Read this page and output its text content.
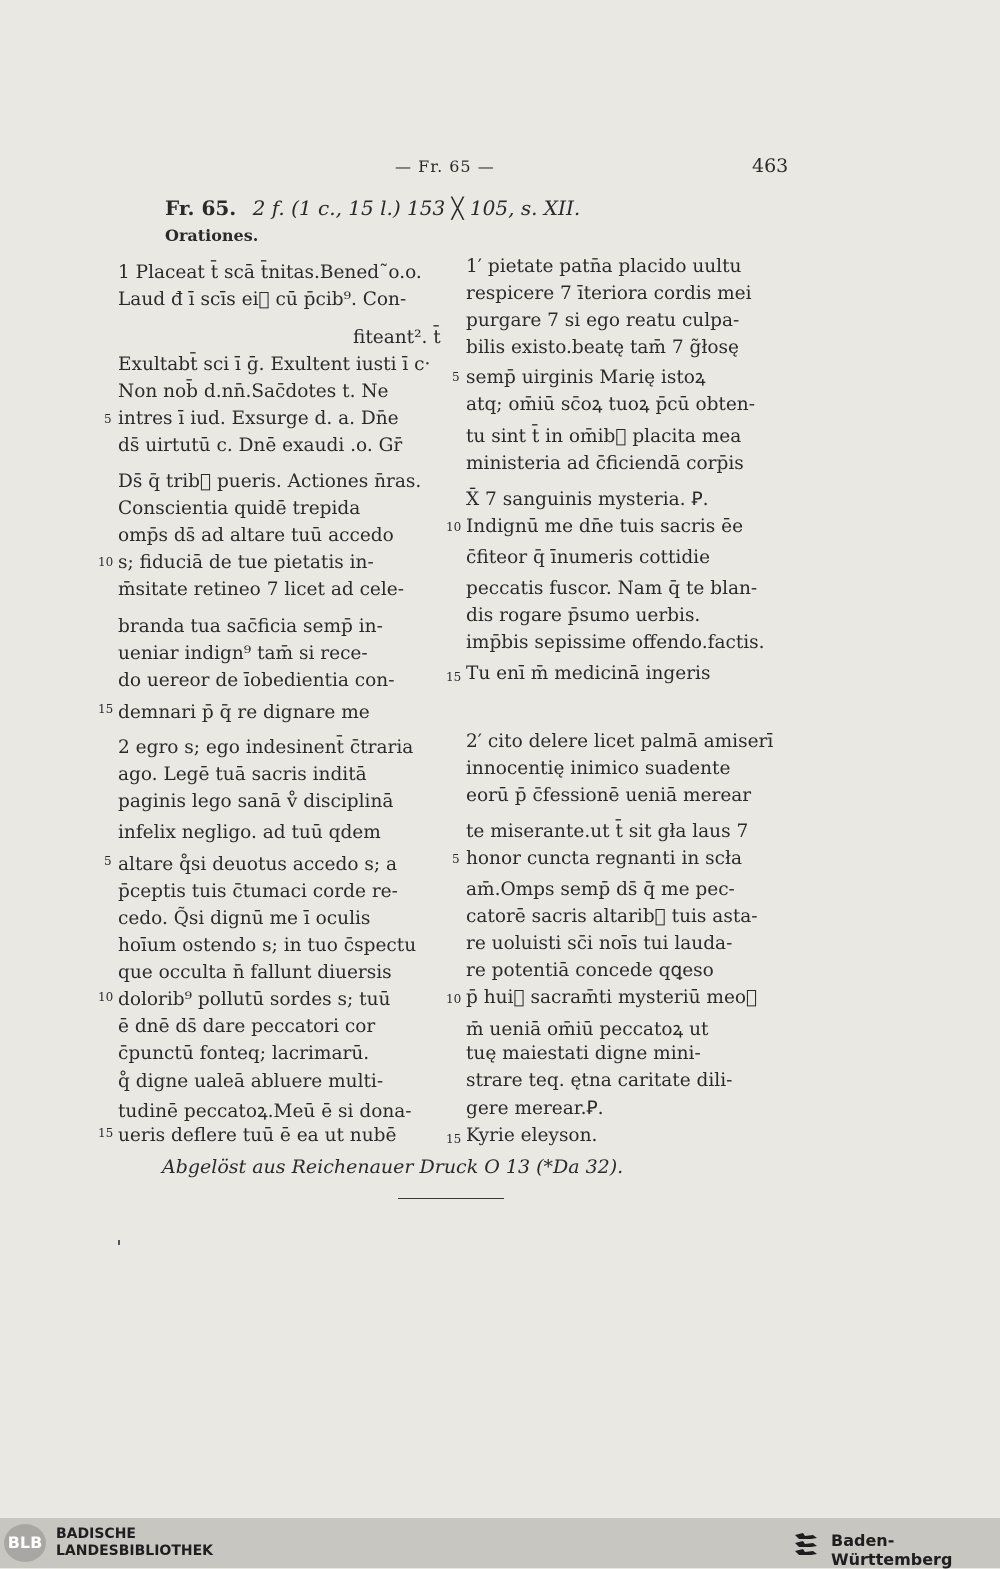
— Fr. 65 —	463
Fr. 65. 2 f. (1 c., 15 l.) 153 ╳ 105, s. XII.
Orationes.
1 Placeat t̄ scā t̄nitas.Bened˜o.o.
Laud đ ī scīs ei᷑ cū p̄cib⁹. Con-
fiteant². t̄
Exultabt̄ sci ī ḡ. Exultent iusti ī c·
Non nob̄ d.nn̄.Sac̄dotes t. Ne
intres ī iud. Exsurge d. a. Dn̄e
ds̄ uirtutū c. Dnē exaudi .o. Gr̄
Ds̄ q̄ trib᷑ pueris. Actiones n̄ras.
Conscientia quidē trepida
omp̄s ds̄ ad altare tuū accedo
s; fiduciā de tue pietatis in-
m̄sitate retineo 7 licet ad cele-
branda tua sac̄ficia semp̄ in-
ueniar indign⁹ tam̄ si rece-
do uereor de īobedientia con-
demnari p̄ q̄ re dignare me
5
10
15
1′ pietate patn̄a placido uultu
respicere 7 īteriora cordis mei
purgare 7 si ego reatu culpa-
bilis existo.beatę tam̄ 7 g̃łosę
semp̄ uirginis Marię istoꝝ
atq; om̄iū sc̄oꝝ tuoꝝ p̄cū obten-
tu sint t̄ in om̄ib᷑ placita mea
ministeria ad c̄ficiendā corp̄is
X̄ 7 sanguinis mysteria. Ꝑ.
Indignū me dn̄e tuis sacris ēe
c̄fiteor q̄ īnumeris cottidie
peccatis fuscor. Nam q̄ te blan-
dis rogare p̄sumo uerbis.
imp̄bis sepissime offendo.factis.
Tu enī m̄ medicinā ingeris
5
10
15
2 egro s; ego indesinent̄ c̄traria
ago. Legē tuā sacris inditā
paginis lego sanā v̊ disciplinā
infelix negligo. ad tuū qdem
altare q̊si deuotus accedo s; a
p̄ceptis tuis c̄tumaci corde re-
cedo. Q̃si dignū me ī oculis
hoīum ostendo s; in tuo c̄spectu
que occulta n̄ fallunt diuersis
dolorib⁹ pollutū sordes s; tuū
ē dnē ds̄ dare peccatori cor
c̄punctū fonteq; lacrimarū.
q̊ digne ualeā abluere multi-
tudinē peccatoꝝ.Meū ē si dona-
ueris deflere tuū ē ea ut nubē
5
10
15
2′ cito delere licet palmā amiserī
innocentię inimico suadente
eorū p̄ c̄fessionē ueniā merear
te miserante.ut t̄ sit gła laus 7
honor cuncta regnanti in scła
am̄.Omps semp̄ ds̄ q̄ me pec-
catorē sacris altarib᷑ tuis asta-
re uoluisti sc̄i noīs tui lauda-
re potentiā concede qꝗeso
p̄ hui᷑ sacram̄ti mysteriū meoꝝ
m̄ ueniā om̄iū peccatoꝝ ut
tuę maiestati digne mini-
strare teq. ętna caritate dili-
gere merear.Ꝑ.
Kyrie eleyson.
5
10
15
Abgelöst aus Reichenauer Druck O 13 (*Da 32).
BLB BADISCHE
LANDESBIBLIOTHEK
Baden-Württemberg
